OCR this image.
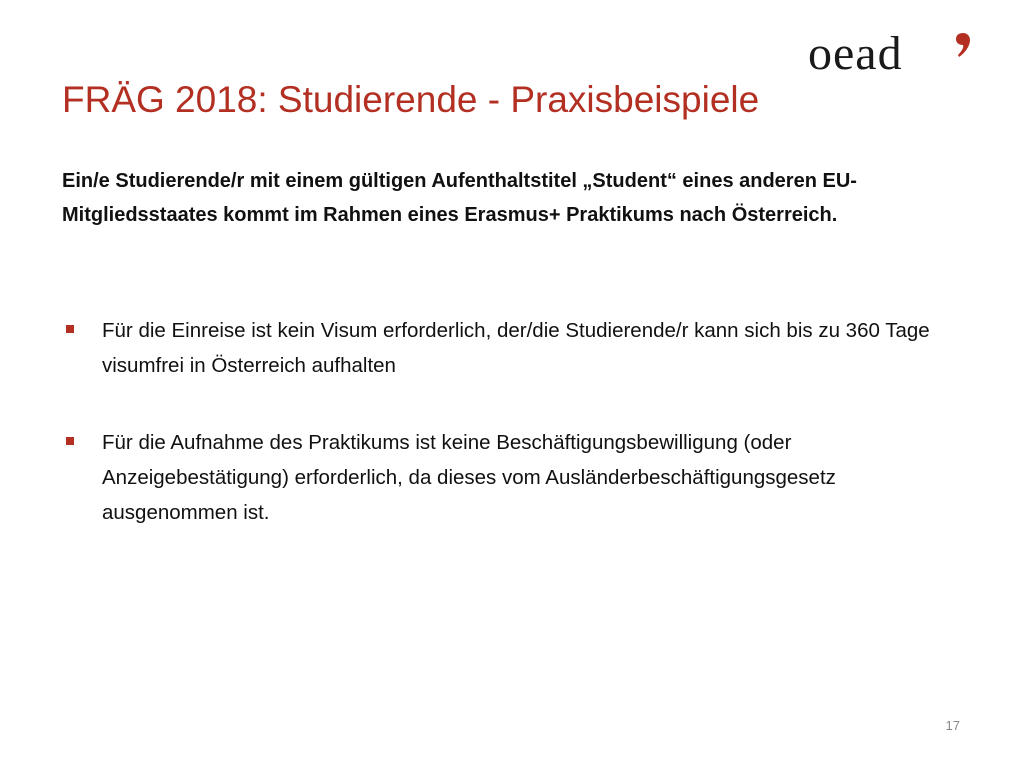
oead
FRÄG 2018: Studierende - Praxisbeispiele

Ein/e Studierende/r mit einem gültigen Aufenthaltstitel „Student“ eines anderen EU-Mitgliedsstaates kommt im Rahmen eines Erasmus+ Praktikums nach Österreich.

Für die Einreise ist kein Visum erforderlich, der/die Studierende/r kann sich bis zu 360 Tage visumfrei in Österreich aufhalten
Für die Aufnahme des Praktikums ist keine Beschäftigungsbewilligung (oder Anzeigebestätigung) erforderlich, da dieses vom Ausländerbeschäftigungsgesetz ausgenommen ist.
17
